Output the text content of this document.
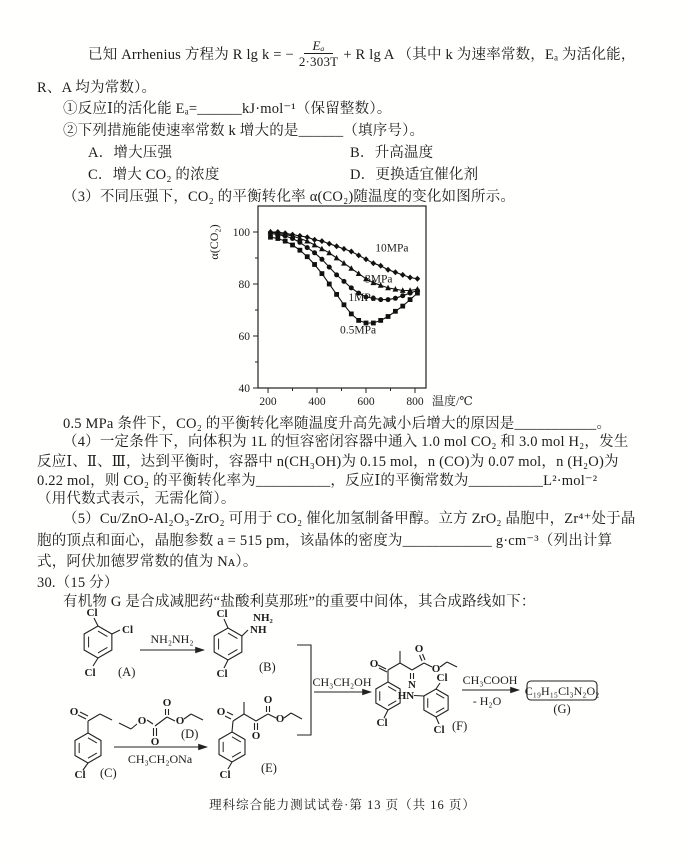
已知 Arrhenius 方程为 R lg k = − $\frac{\text{Eₐ}}{2\cdot 303T} + R$ lg A （其中 k 为速率常数，Eₐ 为活化能，
R、A 均为常数）。
①反应Ⅰ的活化能 Eₐ=______kJ·mol⁻¹（保留整数）。
②下列措施能使速率常数 k 增大的是______（填序号）。
A．增大压强	B．升高温度
C．增大 CO₂ 的浓度	D．更换适宜催化剂
（3）不同压强下，CO₂ 的平衡转化率 α(CO₂)随温度的变化如图所示。
200	400	600	800
40
60
80
100
10MPa
3MPa
1MPa
0.5MPa
α(CO₂)
温度/℃
0.5 MPa 条件下，CO₂ 的平衡转化率随温度升高先减小后增大的原因是___________。
（4）一定条件下，向体积为 1L 的恒容密闭容器中通入 1.0 mol CO₂ 和 3.0 mol H₂，发生
反应Ⅰ、Ⅱ、Ⅲ，达到平衡时，容器中 n(CH₃OH)为 0.15 mol，n (CO)为 0.07 mol，n (H₂O)为
0.22 mol，则 CO₂ 的平衡转化率为__________，反应Ⅰ的平衡常数为__________L²·mol⁻²
（用代数式表示，无需化简）。
（5）Cu/ZnO-Al₂O₃-ZrO₂ 可用于 CO₂ 催化加氢制备甲醇。立方 ZrO₂ 晶胞中，Zr⁴⁺处于晶
胞的顶点和面心，晶胞参数 a = 515 pm，该晶体的密度为____________ g·cm⁻³（列出计算
式，阿伏加德罗常数的值为 Nᴀ）。
30.（15 分）
有机物 G 是合成减肥药“盐酸利莫那班”的重要中间体，其合成路线如下：
Cl
Cl
Cl (A)
NH₂NH₂
Cl
NH
NH₂
Cl	(B)
CH₃CH₂OH
O
Cl (C)
O
O
O
O
(D)
CH₃CH₂ONa
O
O
O
O
Cl (E)
O
N
HN
O
O
Cl
Cl
Cl	(F)
CH₃COOH
- H₂O
C₁₉H₁₅Cl₃N₂O₂
(G)
理科综合能力测试试卷·第 13 页（共 16 页）
